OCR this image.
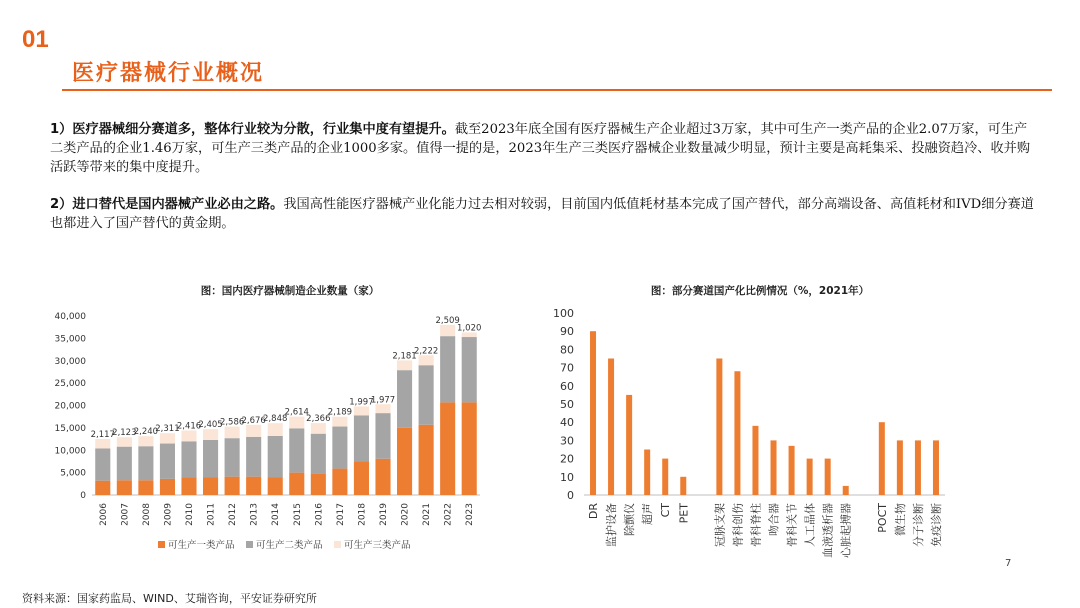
01
医疗器械行业概况
1）医疗器械细分赛道多，整体行业较为分散，行业集中度有望提升。截至2023年底全国有医疗器械生产企业超过3万家，其中可生产一类产品的企业2.07万家，可生产二类产品的企业1.46万家，可生产三类产品的企业1000多家。值得一提的是，2023年生产三类医疗器械企业数量减少明显，预计主要是高耗集采、投融资趋冷、收并购活跃等带来的集中度提升。
2）进口替代是国内器械产业必由之路。我国高性能医疗器械产业化能力过去相对较弱，目前国内低值耗材基本完成了国产替代，部分高端设备、高值耗材和IVD细分赛道也都进入了国产替代的黄金期。
图：国内医疗器械制造企业数量（家）	图：部分赛道国产化比例情况（%，2021年）
0
5,000
10,000
15,000
20,000
25,000
30,000
35,000
40,000
2,117
2006
2,123
2007
2,240
2008
2,311
2009
2,416
2010
2,405
2011
2,586
2012
2,676
2013
2,848
2014
2,614
2015
2,366
2016
2,189
2017
1,997
2018
1,977
2019
2,181
2020
2,222
2021
2,509
2022
1,020
2023
可生产一类产品 可生产二类产品 可生产三类产品
0
10
20
30
40
50
60
70
80
90
100
DR 监护设备 除颤仪 超声 CT PET 冠脉支架 骨科创伤 骨科脊柱 吻合器 骨科关节 人工晶体 血液透析器 心脏起搏器 POCT 微生物 分子诊断 免疫诊断
资料来源：国家药监局、WIND、艾瑞咨询，平安证券研究所
7
